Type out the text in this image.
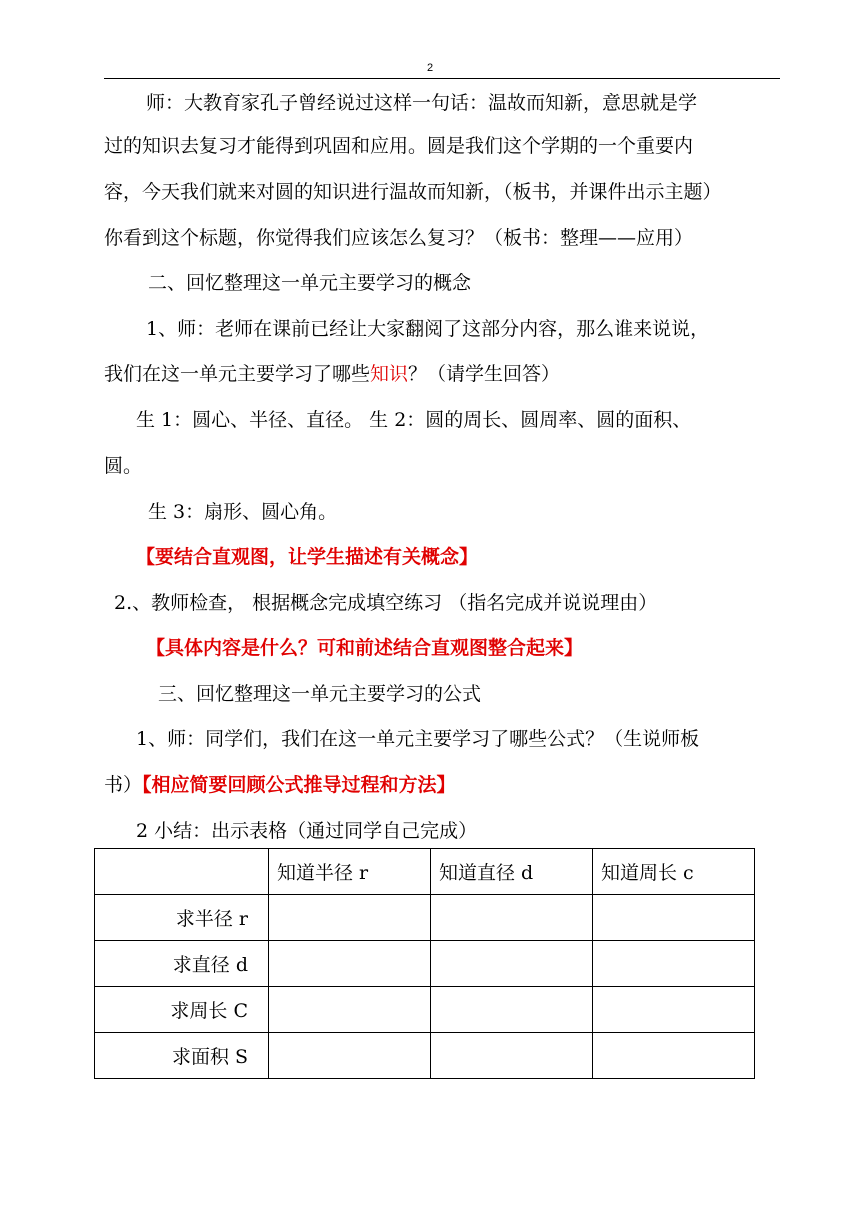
2
师：大教育家孔子曾经说过这样一句话：温故而知新，意思就是学
过的知识去复习才能得到巩固和应用。圆是我们这个学期的一个重要内
容，今天我们就来对圆的知识进行温故而知新，（板书，并课件出示主题）
你看到这个标题，你觉得我们应该怎么复习？（板书：整理——应用）
二、回忆整理这一单元主要学习的概念
1、师：老师在课前已经让大家翻阅了这部分内容，那么谁来说说，
我们在这一单元主要学习了哪些知识？（请学生回答）
生 1：圆心、半径、直径。 生 2：圆的周长、圆周率、圆的面积、
圆。
生 3：扇形、圆心角。
【要结合直观图，让学生描述有关概念】
2.、教师检查， 根据概念完成填空练习 （指名完成并说说理由）
【具体内容是什么？可和前述结合直观图整合起来】
三、回忆整理这一单元主要学习的公式
1、师：同学们，我们在这一单元主要学习了哪些公式？（生说师板
书）【相应简要回顾公式推导过程和方法】
2 小结：出示表格（通过同学自己完成）
	知道半径 r	知道直径 d	知道周长 c
求半径 r			
求直径 d			
求周长 C			
求面积 S			
